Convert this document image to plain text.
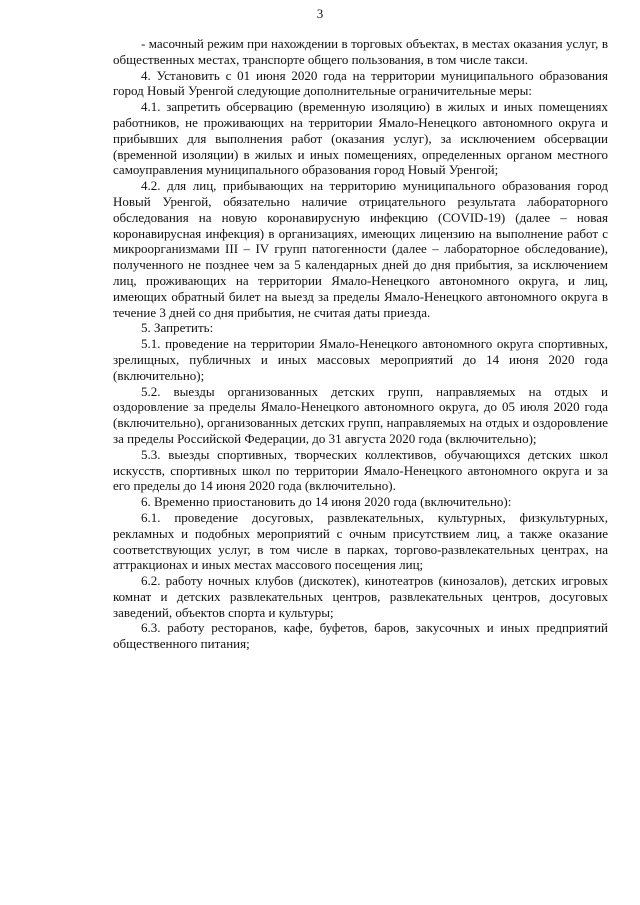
3

- масочный режим при нахождении в торговых объектах, в местах оказания услуг, в общественных местах, транспорте общего пользования, в том числе такси.

4. Установить с 01 июня 2020 года на территории муниципального образования город Новый Уренгой следующие дополнительные ограничительные меры:

4.1. запретить обсервацию (временную изоляцию) в жилых и иных помещениях работников, не проживающих на территории Ямало-Ненецкого автономного округа и прибывших для выполнения работ (оказания услуг), за исключением обсервации (временной изоляции) в жилых и иных помещениях, определенных органом местного самоуправления муниципального образования город Новый Уренгой;

4.2. для лиц, прибывающих на территорию муниципального образования город Новый Уренгой, обязательно наличие отрицательного результата лабораторного обследования на новую коронавирусную инфекцию (COVID-19) (далее – новая коронавирусная инфекция) в организациях, имеющих лицензию на выполнение работ с микроорганизмами III – IV групп патогенности (далее – лабораторное обследование), полученного не позднее чем за 5 календарных дней до дня прибытия, за исключением лиц, проживающих на территории Ямало-Ненецкого автономного округа, и лиц, имеющих обратный билет на выезд за пределы Ямало-Ненецкого автономного округа в течение 3 дней со дня прибытия, не считая даты приезда.

5. Запретить:

5.1. проведение на территории Ямало-Ненецкого автономного округа спортивных, зрелищных, публичных и иных массовых мероприятий до 14 июня 2020 года (включительно);

5.2. выезды организованных детских групп, направляемых на отдых и оздоровление за пределы Ямало-Ненецкого автономного округа, до 05 июля 2020 года (включительно), организованных детских групп, направляемых на отдых и оздоровление за пределы Российской Федерации, до 31 августа 2020 года (включительно);

5.3. выезды спортивных, творческих коллективов, обучающихся детских школ искусств, спортивных школ по территории Ямало-Ненецкого автономного округа и за его пределы до 14 июня 2020 года (включительно).

6. Временно приостановить до 14 июня 2020 года (включительно):

6.1. проведение досуговых, развлекательных, культурных, физкультурных, рекламных и подобных мероприятий с очным присутствием лиц, а также оказание соответствующих услуг, в том числе в парках, торгово-развлекательных центрах, на аттракционах и иных местах массового посещения лиц;

6.2. работу ночных клубов (дискотек), кинотеатров (кинозалов), детских игровых комнат и детских развлекательных центров, развлекательных центров, досуговых заведений, объектов спорта и культуры;

6.3. работу ресторанов, кафе, буфетов, баров, закусочных и иных предприятий общественного питания;
